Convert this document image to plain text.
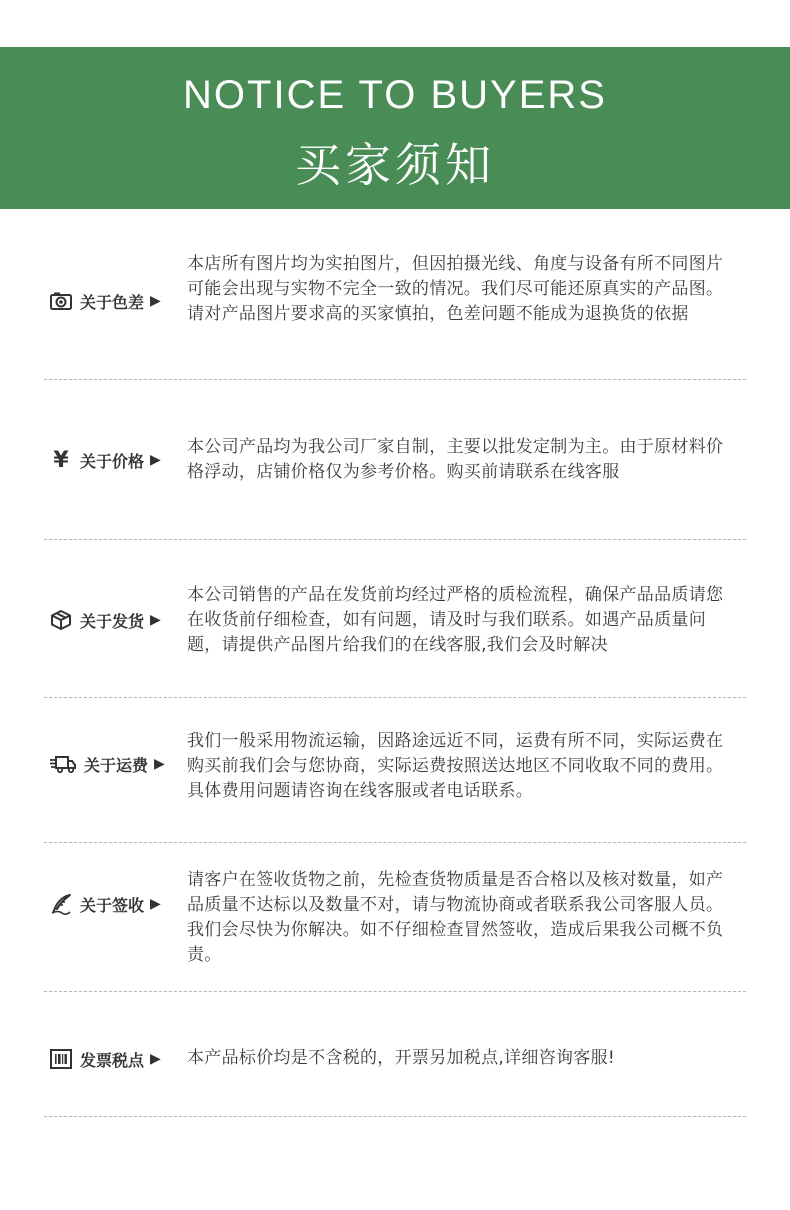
NOTICE TO BUYERS
买家须知
关于色差 ▶
本店所有图片均为实拍图片，但因拍摄光线、角度与设备有所不同图片可能会出现与实物不完全一致的情况。我们尽可能还原真实的产品图。请对产品图片要求高的买家慎拍，色差问题不能成为退换货的依据
¥ 关于价格 ▶
本公司产品均为我公司厂家自制，主要以批发定制为主。由于原材料价格浮动，店铺价格仅为参考价格。购买前请联系在线客服
关于发货 ▶
本公司销售的产品在发货前均经过严格的质检流程，确保产品品质请您在收货前仔细检查，如有问题，请及时与我们联系。如遇产品质量问题，请提供产品图片给我们的在线客服,我们会及时解决
关于运费 ▶
我们一般采用物流运输，因路途远近不同，运费有所不同，实际运费在购买前我们会与您协商，实际运费按照送达地区不同收取不同的费用。具体费用问题请咨询在线客服或者电话联系。
关于签收 ▶
请客户在签收货物之前，先检查货物质量是否合格以及核对数量，如产品质量不达标以及数量不对，请与物流协商或者联系我公司客服人员。我们会尽快为你解决。如不仔细检查冒然签收，造成后果我公司概不负责。
发票税点 ▶ 本产品标价均是不含税的，开票另加税点,详细咨询客服!
